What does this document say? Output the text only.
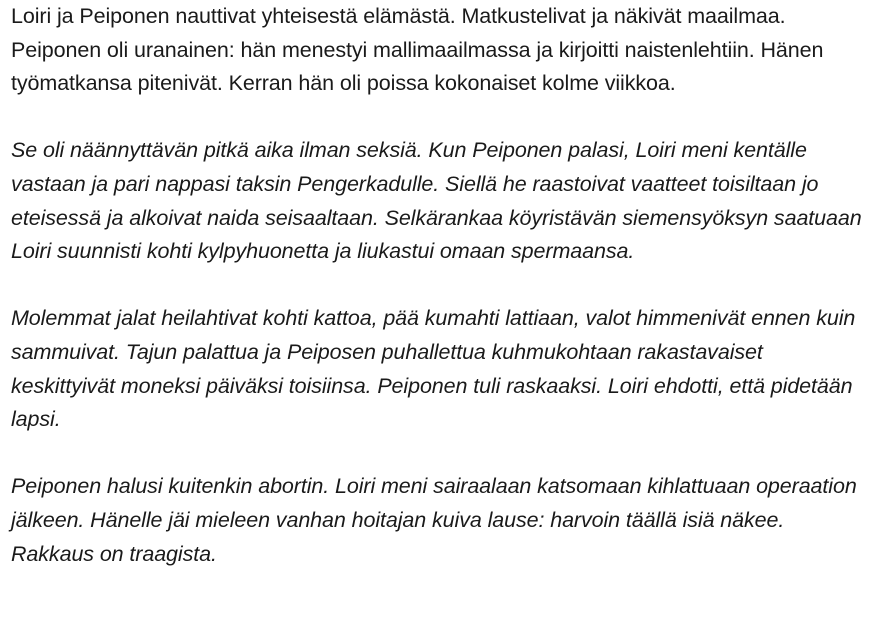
Loiri ja Peiponen nauttivat yhteisestä elämästä. Matkustelivat ja näkivät maailmaa. Peiponen oli uranainen: hän menestyi mallimaailmassa ja kirjoitti naistenlehtiin. Hänen työmatkansa pitenivät. Kerran hän oli poissa kokonaiset kolme viikkoa.

Se oli näännyttävän pitkä aika ilman seksiä. Kun Peiponen palasi, Loiri meni kentälle vastaan ja pari nappasi taksin Pengerkadulle. Siellä he raastoivat vaatteet toisiltaan jo eteisessä ja alkoivat naida seisaaltaan. Selkärankaa köyristävän siemensyöksyn saatuaan Loiri suunnisti kohti kylpyhuonetta ja liukastui omaan spermaansa.

Molemmat jalat heilahtivat kohti kattoa, pää kumahti lattiaan, valot himmenivät ennen kuin sammuivat. Tajun palattua ja Peiposen puhallettua kuhmukohtaan rakastavaiset keskittyivät moneksi päiväksi toisiinsa. Peiponen tuli raskaaksi. Loiri ehdotti, että pidetään lapsi.

Peiponen halusi kuitenkin abortin. Loiri meni sairaalaan katsomaan kihlattuaan operaation jälkeen. Hänelle jäi mieleen vanhan hoitajan kuiva lause: harvoin täällä isiä näkee. Rakkaus on traagista.
